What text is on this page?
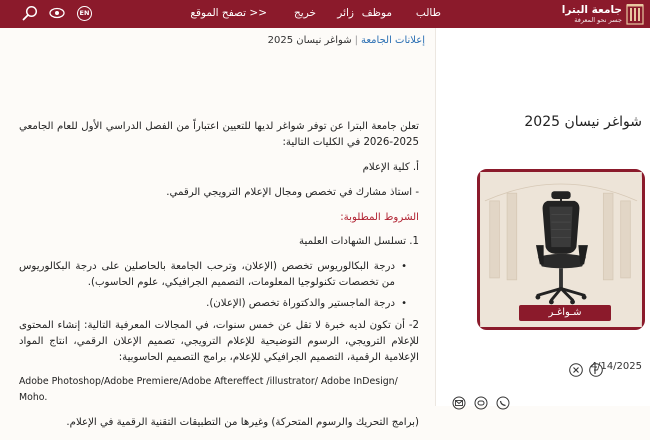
جامعة البترا
جسر نحو المعرفة
طالب
موظف
زائر
خريج
تصفح الموقع >>
EN
إعلانات الجامعة|شواغر نيسان 2025

تعلن جامعة البترا عن توفر شواغر لديها للتعيين اعتباراً من الفصل الدراسي الأول للعام الجامعي 2025-2026 في الكليات التالية:

أ. كلية الإعلام

- استاذ مشارك في تخصص ومجال الإعلام الترويجي الرقمي.

الشروط المطلوبة:

1. تسلسل الشهادات العلمية

• درجة البكالوريوس تخصص (الإعلان، وترحب الجامعة بالحاصلين على درجة البكالوريوس من تخصصات تكنولوجيا المعلومات، التصميم الجرافيكي، علوم الحاسوب).
• درجة الماجستير والدكتوراة تخصص (الإعلان).

2- أن تكون لديه خبرة لا تقل عن خمس سنوات، في المجالات المعرفية التالية: إنشاء المحتوى للإعلام الترويجي، الرسوم التوضيحية للإعلام الترويجي، تصميم الإعلان الرقمي، انتاج المواد الإعلامية الرقمية، التصميم الجرافيكي للإعلام، برامج التصميم الحاسوبية:

Adobe Photoshop/Adobe Premiere/Adobe Aftereffect /illustrator/ Adobe InDesign/ Moho.

(برامج التحريك والرسوم المتحركة) وغيرها من التطبيقات التقنية الرقمية في الإعلام.

شواغر نيسان 2025
شـواغـر
4/14/2025
